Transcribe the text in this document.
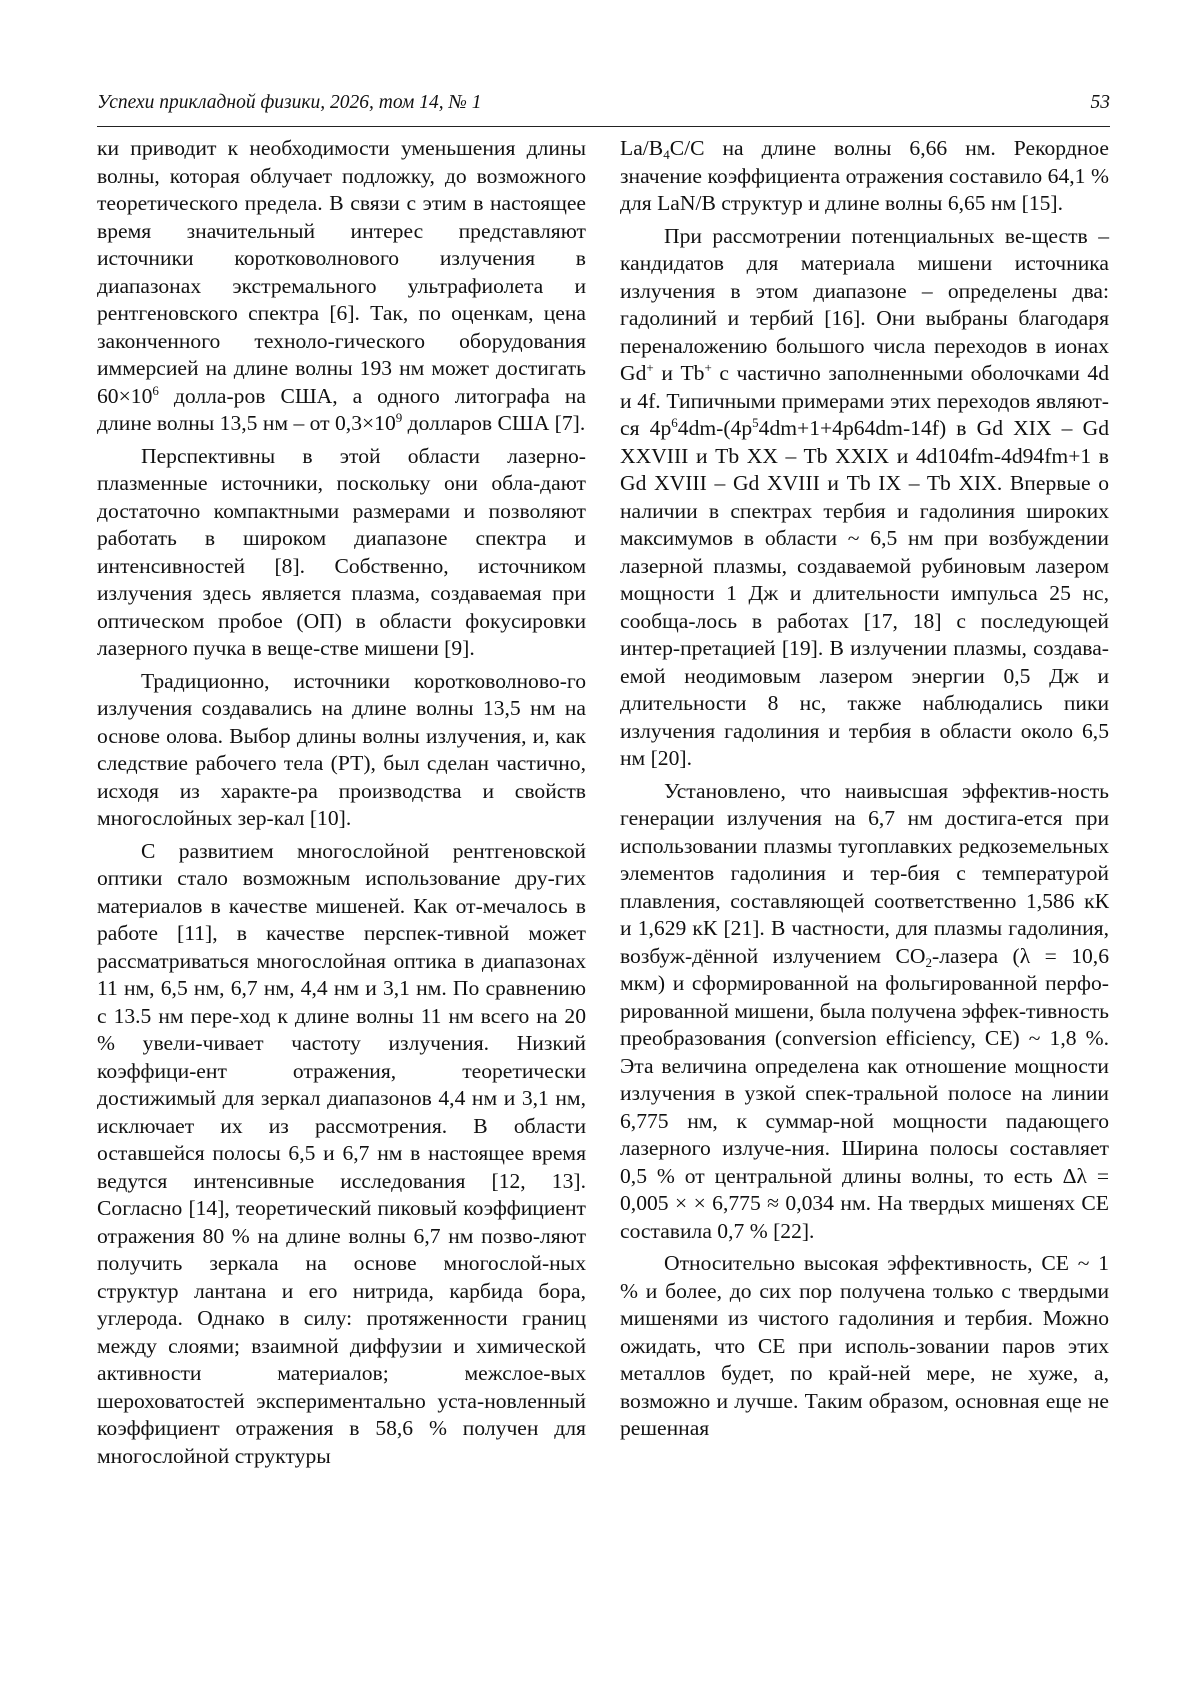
Успехи прикладной физики, 2026, том 14, № 1	53

ки приводит к необходимости уменьшения длины волны, которая облучает подложку, до возможного теоретического предела. В связи с этим в настоящее время значительный интерес представляют источники коротковолнового излучения в диапазонах экстремального ультрафиолета и рентгеновского спектра [6]. Так, по оценкам, цена законченного техноло-гического оборудования иммерсией на длине волны 193 нм может достигать $60\times 10^6$ долла-ров США, а одного литографа на длине волны 13,5 нм – от $0,3\times 10^9$ долларов США [7].

Перспективны в этой области лазерно-плазменные источники, поскольку они обла-дают достаточно компактными размерами и позволяют работать в широком диапазоне спектра и интенсивностей [8]. Собственно, источником излучения здесь является плазма, создаваемая при оптическом пробое (ОП) в области фокусировки лазерного пучка в веще-стве мишени [9].

Традиционно, источники коротковолново-го излучения создавались на длине волны 13,5 нм на основе олова. Выбор длины волны излучения, и, как следствие рабочего тела (РТ), был сделан частично, исходя из характе-ра производства и свойств многослойных зер-кал [10].

С развитием многослойной рентгеновской оптики стало возможным использование дру-гих материалов в качестве мишеней. Как от-мечалось в работе [11], в качестве перспек-тивной может рассматриваться многослойная оптика в диапазонах 11 нм, 6,5 нм, 6,7 нм, 4,4 нм и 3,1 нм. По сравнению с 13.5 нм пере-ход к длине волны 11 нм всего на 20 % увели-чивает частоту излучения. Низкий коэффици-ент отражения, теоретически достижимый для зеркал диапазонов 4,4 нм и 3,1 нм, исключает их из рассмотрения. В области оставшейся полосы 6,5 и 6,7 нм в настоящее время ведутся интенсивные исследования [12, 13]. Согласно [14], теоретический пиковый коэффициент отражения 80 % на длине волны 6,7 нм позво-ляют получить зеркала на основе многослой-ных структур лантана и его нитрида, карбида бора, углерода. Однако в силу: протяженности границ между слоями; взаимной диффузии и химической активности материалов; межслое-вых шероховатостей экспериментально уста-новленный коэффициент отражения в 58,6 % получен для многослойной структуры

$La/B_4C/C$ на длине волны 6,66 нм. Рекордное значение коэффициента отражения составило 64,1 % для LaN/B структур и длине волны 6,65 нм [15].

При рассмотрении потенциальных ве-ществ – кандидатов для материала мишени источника излучения в этом диапазоне – определены два: гадолиний и тербий [16]. Они выбраны благодаря переналожению большого числа переходов в ионах Gd+ и Tb+ с частично заполненными оболочками 4d и 4f. Типичными примерами этих переходов являют-ся $4p^64dm-(4p^54dm+1+4p64dm-14f)$ в Gd XIX – Gd XXVIII и Tb XX – Tb XXIX и 4d104fm-4d94fm+1 в Gd XVIII – Gd XVIII и Tb IX – Tb XIX. Впервые о наличии в спектрах тербия и гадолиния широких максимумов в области ~ 6,5 нм при возбуждении лазерной плазмы, создаваемой рубиновым лазером мощности 1 Дж и длительности импульса 25 нс, сообща-лось в работах [17, 18] с последующей интер-претацией [19]. В излучении плазмы, создава-емой неодимовым лазером энергии 0,5 Дж и длительности 8 нс, также наблюдались пики излучения гадолиния и тербия в области около 6,5 нм [20].

Установлено, что наивысшая эффектив-ность генерации излучения на 6,7 нм достига-ется при использовании плазмы тугоплавких редкоземельных элементов гадолиния и тер-бия с температурой плавления, составляющей соответственно 1,586 кК и 1,629 кК [21]. В частности, для плазмы гадолиния, возбуж-дённой излучением $CO_2$-лазера (λ = 10,6 мкм) и сформированной на фольгированной перфо-рированной мишени, была получена эффек-тивность преобразования (conversion efficiency, CE) ~ 1,8 %. Эта величина определена как отношение мощности излучения в узкой спек-тральной полосе на линии 6,775 нм, к суммар-ной мощности падающего лазерного излуче-ния. Ширина полосы составляет 0,5 % от центральной длины волны, то есть Δλ = 0,005 × × 6,775 ≈ 0,034 нм. На твердых мишенях CE составила 0,7 % [22].

Относительно высокая эффективность, CE ~ 1 % и более, до сих пор получена только с твердыми мишенями из чистого гадолиния и тербия. Можно ожидать, что CE при исполь-зовании паров этих металлов будет, по край-ней мере, не хуже, а, возможно и лучше. Таким образом, основная еще не решенная
